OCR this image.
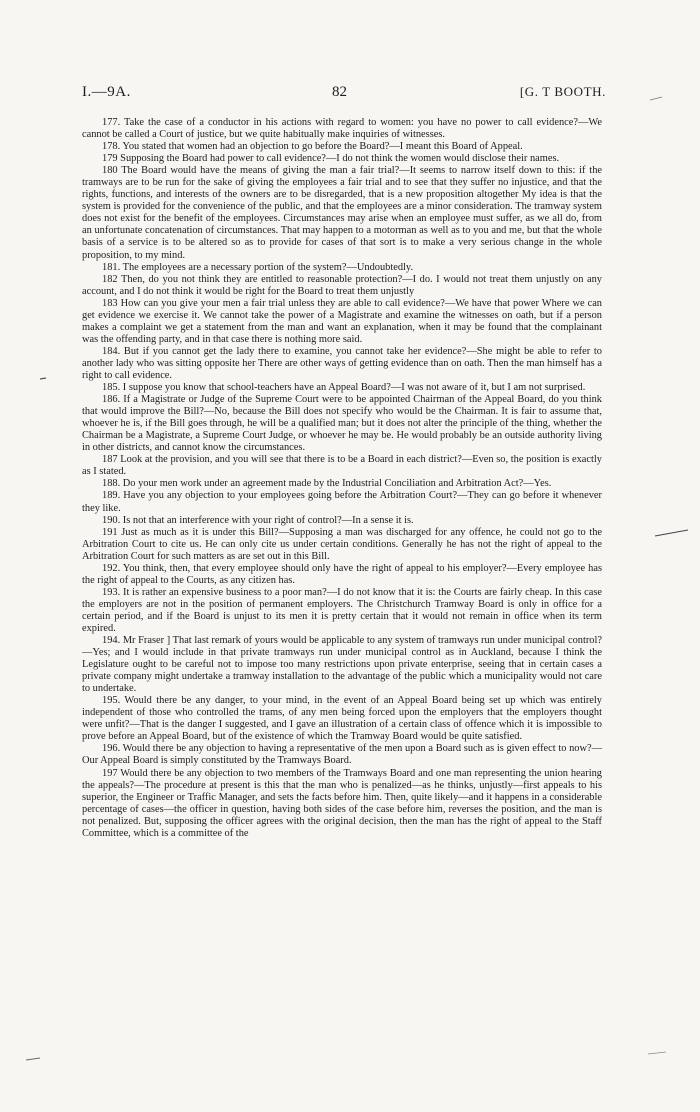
I.—9A.	82	[G. T BOOTH.

177. Take the case of a conductor in his actions with regard to women: you have no power to call evidence?—We cannot be called a Court of justice, but we quite habitually make inquiries of witnesses.

178. You stated that women had an objection to go before the Board?—I meant this Board of Appeal.

179 Supposing the Board had power to call evidence?—I do not think the women would disclose their names.

180 The Board would have the means of giving the man a fair trial?—It seems to narrow itself down to this: if the tramways are to be run for the sake of giving the employees a fair trial and to see that they suffer no injustice, and that the rights, functions, and interests of the owners are to be disregarded, that is a new proposition altogether My idea is that the system is provided for the convenience of the public, and that the employees are a minor consideration. The tramway system does not exist for the benefit of the employees. Circumstances may arise when an employee must suffer, as we all do, from an unfortunate concatenation of circumstances. That may happen to a motorman as well as to you and me, but that the whole basis of a service is to be altered so as to provide for cases of that sort is to make a very serious change in the whole proposition, to my mind.

181. The employees are a necessary portion of the system?—Undoubtedly.

182 Then, do you not think they are entitled to reasonable protection?—I do. I would not treat them unjustly on any account, and I do not think it would be right for the Board to treat them unjustly

183 How can you give your men a fair trial unless they are able to call evidence?—We have that power Where we can get evidence we exercise it. We cannot take the power of a Magistrate and examine the witnesses on oath, but if a person makes a complaint we get a statement from the man and want an explanation, when it may be found that the complainant was the offending party, and in that case there is nothing more said.

184. But if you cannot get the lady there to examine, you cannot take her evidence?—She might be able to refer to another lady who was sitting opposite her There are other ways of getting evidence than on oath. Then the man himself has a right to call evidence.

185. I suppose you know that school-teachers have an Appeal Board?—I was not aware of it, but I am not surprised.

186. If a Magistrate or Judge of the Supreme Court were to be appointed Chairman of the Appeal Board, do you think that would improve the Bill?—No, because the Bill does not specify who would be the Chairman. It is fair to assume that, whoever he is, if the Bill goes through, he will be a qualified man; but it does not alter the principle of the thing, whether the Chairman be a Magistrate, a Supreme Court Judge, or whoever he may be. He would probably be an outside authority living in other districts, and cannot know the circumstances.

187 Look at the provision, and you will see that there is to be a Board in each district?—Even so, the position is exactly as I stated.

188. Do your men work under an agreement made by the Industrial Conciliation and Arbitration Act?—Yes.

189. Have you any objection to your employees going before the Arbitration Court?—They can go before it whenever they like.

190. Is not that an interference with your right of control?—In a sense it is.

191 Just as much as it is under this Bill?—Supposing a man was discharged for any offence, he could not go to the Arbitration Court to cite us. He can only cite us under certain conditions. Generally he has not the right of appeal to the Arbitration Court for such matters as are set out in this Bill.

192. You think, then, that every employee should only have the right of appeal to his employer?—Every employee has the right of appeal to the Courts, as any citizen has.

193. It is rather an expensive business to a poor man?—I do not know that it is: the Courts are fairly cheap. In this case the employers are not in the position of permanent employers. The Christchurch Tramway Board is only in office for a certain period, and if the Board is unjust to its men it is pretty certain that it would not remain in office when its term expired.

194. Mr Fraser ] That last remark of yours would be applicable to any system of tramways run under municipal control?—Yes; and I would include in that private tramways run under municipal control as in Auckland, because I think the Legislature ought to be careful not to impose too many restrictions upon private enterprise, seeing that in certain cases a private company might undertake a tramway installation to the advantage of the public which a municipality would not care to undertake.

195. Would there be any danger, to your mind, in the event of an Appeal Board being set up which was entirely independent of those who controlled the trams, of any men being forced upon the employers that the employers thought were unfit?—That is the danger I suggested, and I gave an illustration of a certain class of offence which it is impossible to prove before an Appeal Board, but of the existence of which the Tramway Board would be quite satisfied.

196. Would there be any objection to having a representative of the men upon a Board such as is given effect to now?—Our Appeal Board is simply constituted by the Tramways Board.

197 Would there be any objection to two members of the Tramways Board and one man representing the union hearing the appeals?—The procedure at present is this that the man who is penalized—as he thinks, unjustly—first appeals to his superior, the Engineer or Traffic Manager, and sets the facts before him. Then, quite likely—and it happens in a considerable percentage of cases—the officer in question, having both sides of the case before him, reverses the position, and the man is not penalized. But, supposing the officer agrees with the original decision, then the man has the right of appeal to the Staff Committee, which is a committee of the
